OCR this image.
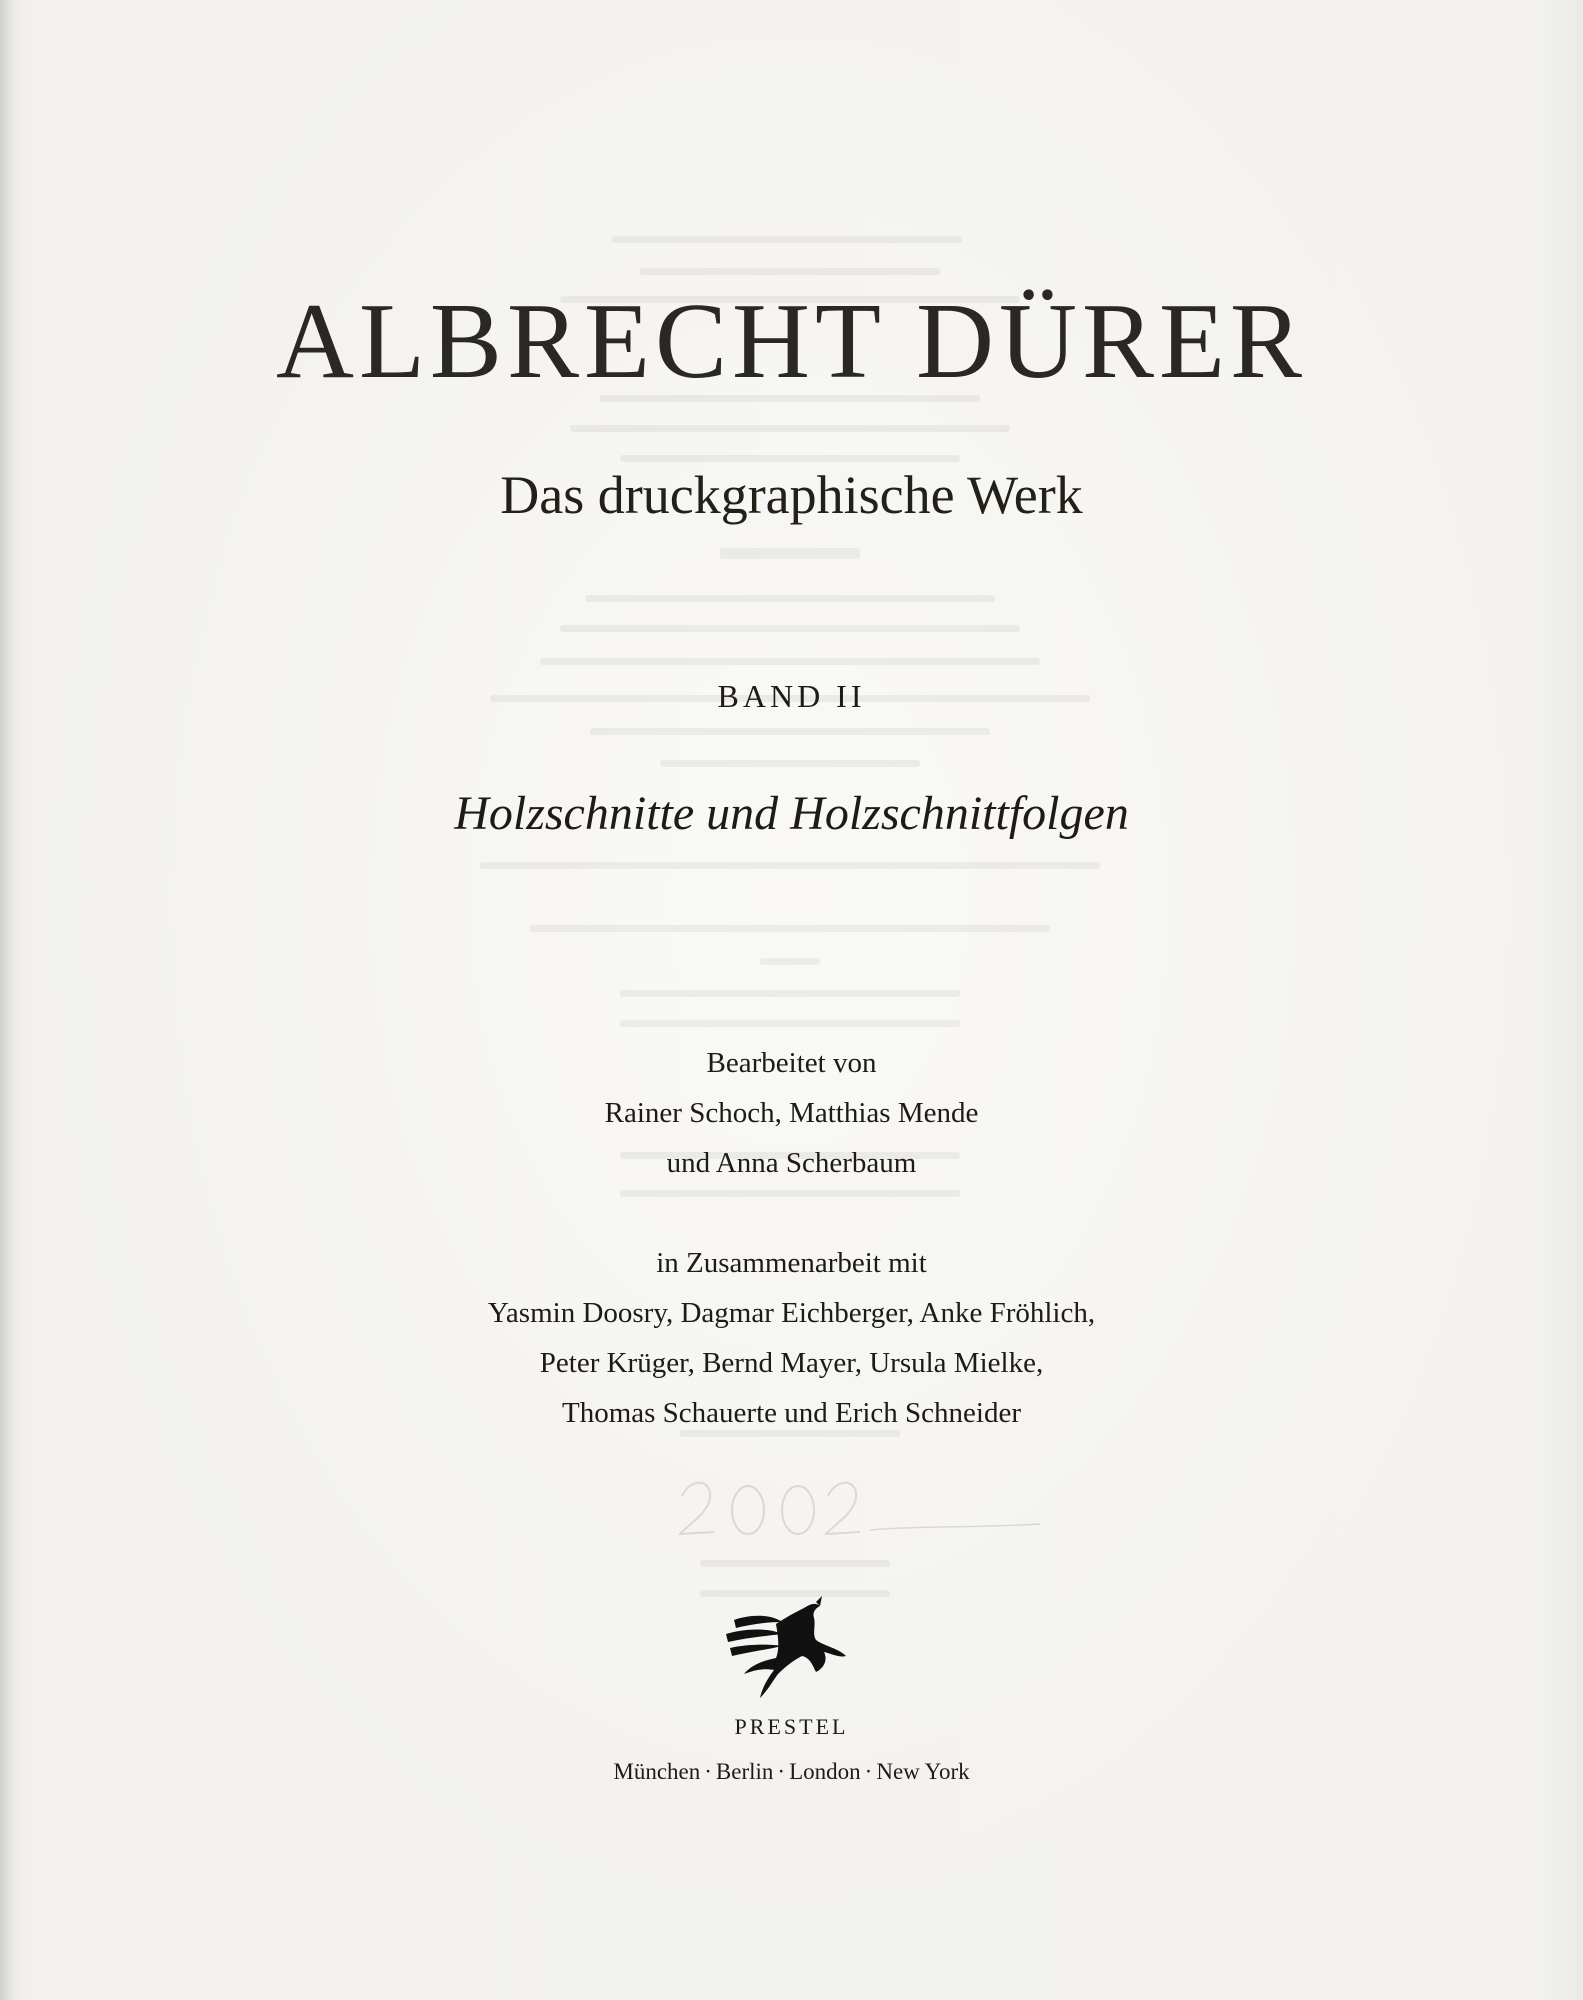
ALBRECHT DÜRER
Das druckgraphische Werk
BAND II
Holzschnitte und Holzschnittfolgen
Bearbeitet von
Rainer Schoch, Matthias Mende
und Anna Scherbaum
in Zusammenarbeit mit
Yasmin Doosry, Dagmar Eichberger, Anke Fröhlich,
Peter Krüger, Bernd Mayer, Ursula Mielke,
Thomas Schauerte und Erich Schneider
PRESTEL
München · Berlin · London · New York
